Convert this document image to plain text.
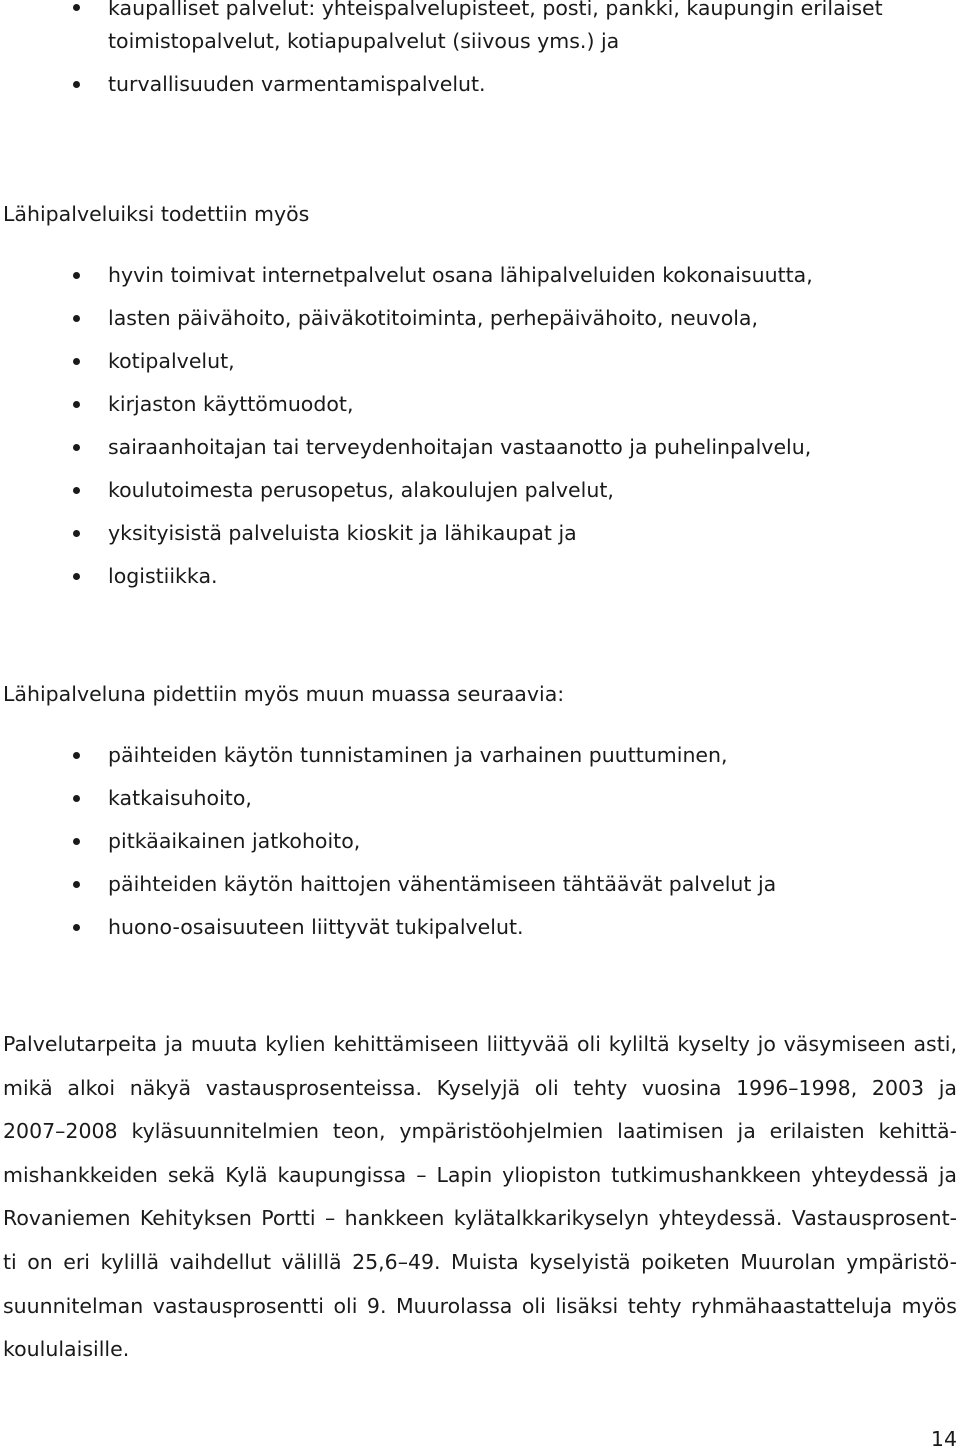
kaupalliset palvelut: yhteispalvelupisteet, posti, pankki, kaupungin erilaiset toimistopalvelut, kotiapupalvelut (siivous yms.) ja
turvallisuuden varmentamispalvelut.

Lähipalveluiksi todettiin myös

hyvin toimivat internetpalvelut osana lähipalveluiden kokonaisuutta,
lasten päivähoito, päiväkotitoiminta, perhepäivähoito, neuvola,
kotipalvelut,
kirjaston käyttömuodot,
sairaanhoitajan tai terveydenhoitajan vastaanotto ja puhelinpalvelu,
koulutoimesta perusopetus, alakoulujen palvelut,
yksityisistä palveluista kioskit ja lähikaupat ja
logistiikka.

Lähipalveluna pidettiin myös muun muassa seuraavia:

päihteiden käytön tunnistaminen ja varhainen puuttuminen,
katkaisuhoito,
pitkäaikainen jatkohoito,
päihteiden käytön haittojen vähentämiseen tähtäävät palvelut ja
huono-osaisuuteen liittyvät tukipalvelut.
Palvelutarpeita ja muuta kylien kehittämiseen liittyvää oli kyliltä kyselty jo väsymiseen asti,
mikä alkoi näkyä vastausprosenteissa. Kyselyjä oli tehty vuosina 1996–1998, 2003 ja
2007–2008 kyläsuunnitelmien teon, ympäristöohjelmien laatimisen ja erilaisten kehittä-
mishankkeiden sekä Kylä kaupungissa – Lapin yliopiston tutkimushankkeen yhteydessä ja
Rovaniemen Kehityksen Portti – hankkeen kylätalkkarikyselyn yhteydessä. Vastausprosent-
ti on eri kylillä vaihdellut välillä 25,6–49. Muista kyselyistä poiketen Muurolan ympäristö-
suunnitelman vastausprosentti oli 9. Muurolassa oli lisäksi tehty ryhmähaastatteluja myös
koululaisille.
14
